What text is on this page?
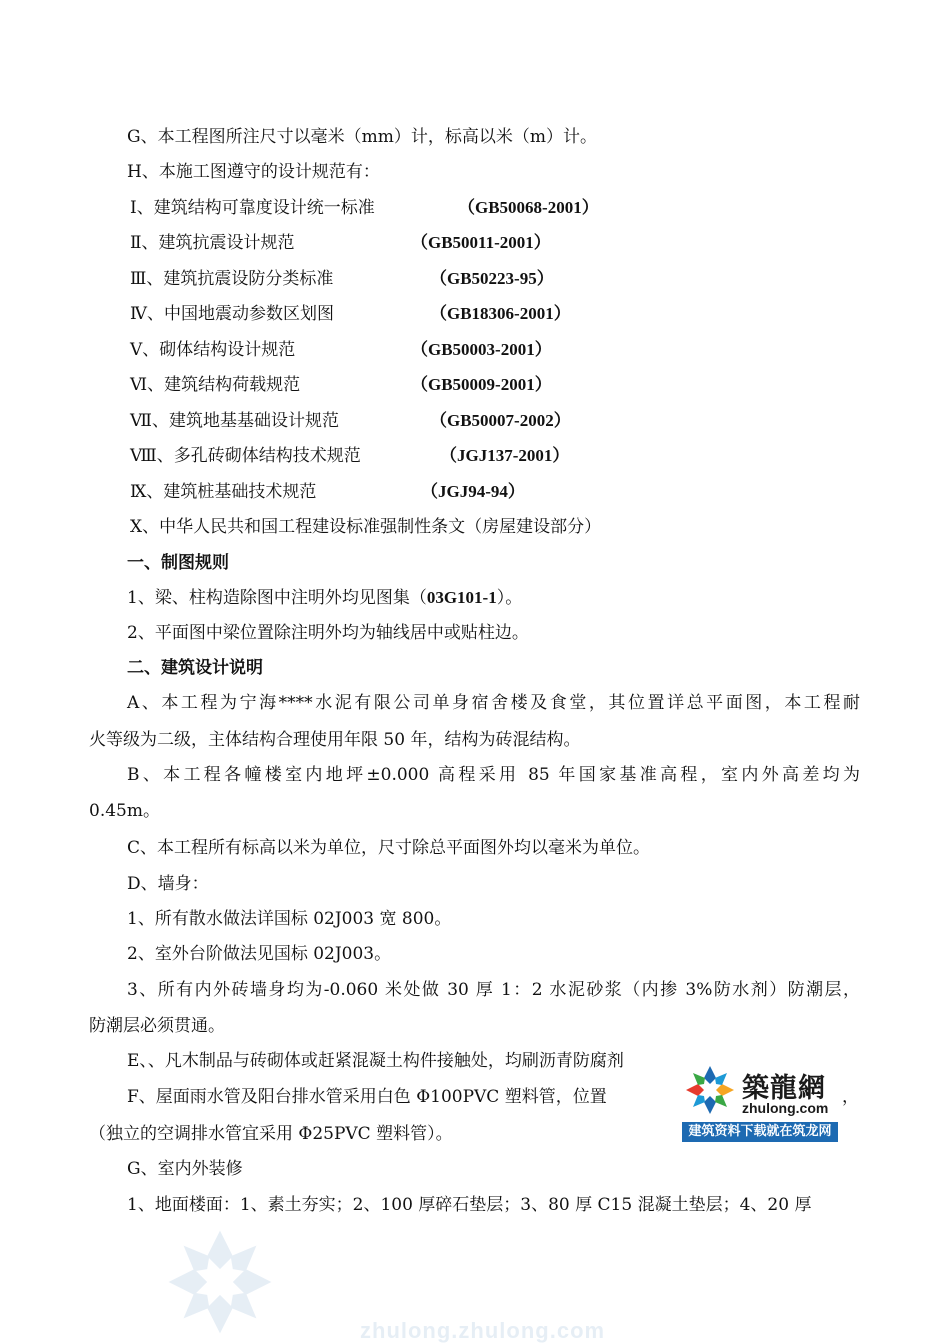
G、本工程图所注尺寸以毫米（mm）计，标高以米（m）计。
H、本施工图遵守的设计规范有：
Ⅰ、建筑结构可靠度设计统一标准	（GB50068-2001）
Ⅱ、建筑抗震设计规范	（GB50011-2001）
Ⅲ、建筑抗震设防分类标准	（GB50223-95）
Ⅳ、中国地震动参数区划图	（GB18306-2001）
Ⅴ、砌体结构设计规范	（GB50003-2001）
Ⅵ、建筑结构荷载规范	（GB50009-2001）
Ⅶ、建筑地基基础设计规范	（GB50007-2002）
Ⅷ、多孔砖砌体结构技术规范	（JGJ137-2001）
Ⅸ、建筑桩基础技术规范	（JGJ94-94）
Ⅹ、中华人民共和国工程建设标准强制性条文（房屋建设部分）
一、制图规则
1、梁、柱构造除图中注明外均见图集（03G101-1）。
2、平面图中梁位置除注明外均为轴线居中或贴柱边。
二、建筑设计说明
A、本工程为宁海****水泥有限公司单身宿舍楼及食堂，其位置详总平面图，本工程耐
火等级为二级，主体结构合理使用年限 50 年，结构为砖混结构。
B、本工程各幢楼室内地坪±0.000 高程采用 85 年国家基准高程，室内外高差均为
0.45m。
C、本工程所有标高以米为单位，尺寸除总平面图外均以毫米为单位。
D、墙身：
1、所有散水做法详国标 02J003 宽 800。
2、室外台阶做法见国标 02J003。
3、所有内外砖墙身均为-0.060 米处做 30 厚 1：2 水泥砂浆（内掺 3%防水剂）防潮层，
防潮层必须贯通。
E、、凡木制品与砖砌体或赶紧混凝土构件接触处，均刷沥青防腐剂
F、屋面雨水管及阳台排水管采用白色 Φ100PVC 塑料管，位置	，
（独立的空调排水管宜采用 Φ25PVC 塑料管）。
G、室内外装修
1、地面楼面：1、素土夯实；2、100 厚碎石垫层；3、80 厚 C15 混凝土垫层；4、20 厚
築龍網
zhulong.com
建筑资料下载就在筑龙网
zhulong.zhulong.com
